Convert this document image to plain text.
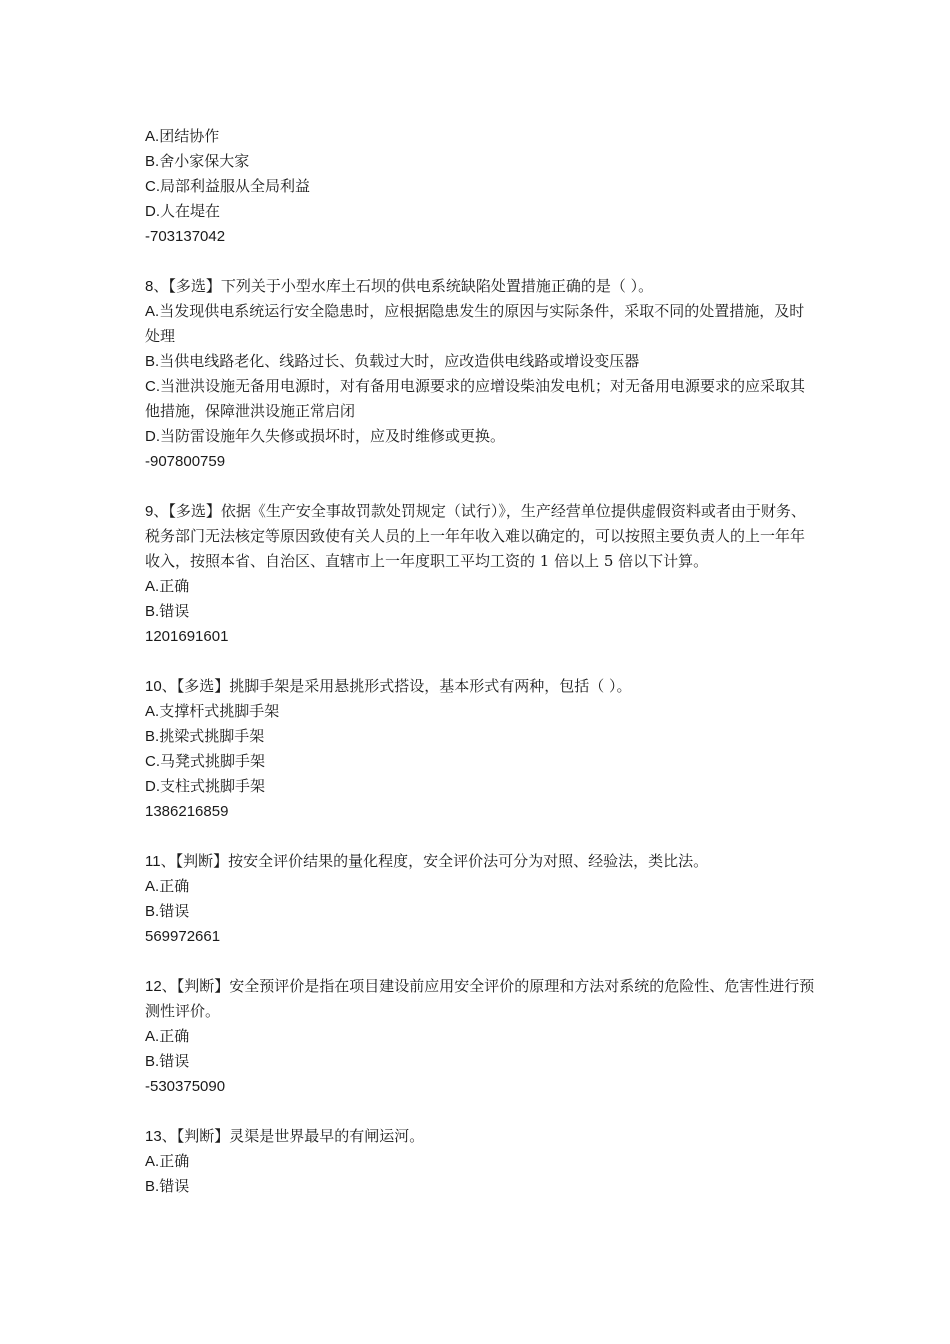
A.团结协作
B.舍小家保大家
C.局部利益服从全局利益
D.人在堤在
-703137042
8、【多选】下列关于小型水库土石坝的供电系统缺陷处置措施正确的是（ ）。
A.当发现供电系统运行安全隐患时，应根据隐患发生的原因与实际条件，采取不同的处置措施，及时处理
B.当供电线路老化、线路过长、负载过大时，应改造供电线路或增设变压器
C.当泄洪设施无备用电源时，对有备用电源要求的应增设柴油发电机；对无备用电源要求的应采取其他措施，保障泄洪设施正常启闭
D.当防雷设施年久失修或损坏时，应及时维修或更换。
-907800759
9、【多选】依据《生产安全事故罚款处罚规定（试行）》，生产经营单位提供虚假资料或者由于财务、税务部门无法核定等原因致使有关人员的上一年年收入难以确定的，可以按照主要负责人的上一年年收入，按照本省、自治区、直辖市上一年度职工平均工资的 1 倍以上 5 倍以下计算。
A.正确
B.错误
1201691601
10、【多选】挑脚手架是采用悬挑形式搭设，基本形式有两种，包括（ ）。
A.支撑杆式挑脚手架
B.挑梁式挑脚手架
C.马凳式挑脚手架
D.支柱式挑脚手架
1386216859
11、【判断】按安全评价结果的量化程度，安全评价法可分为对照、经验法，类比法。
A.正确
B.错误
569972661
12、【判断】安全预评价是指在项目建设前应用安全评价的原理和方法对系统的危险性、危害性进行预测性评价。
A.正确
B.错误
-530375090
13、【判断】灵渠是世界最早的有闸运河。
A.正确
B.错误
